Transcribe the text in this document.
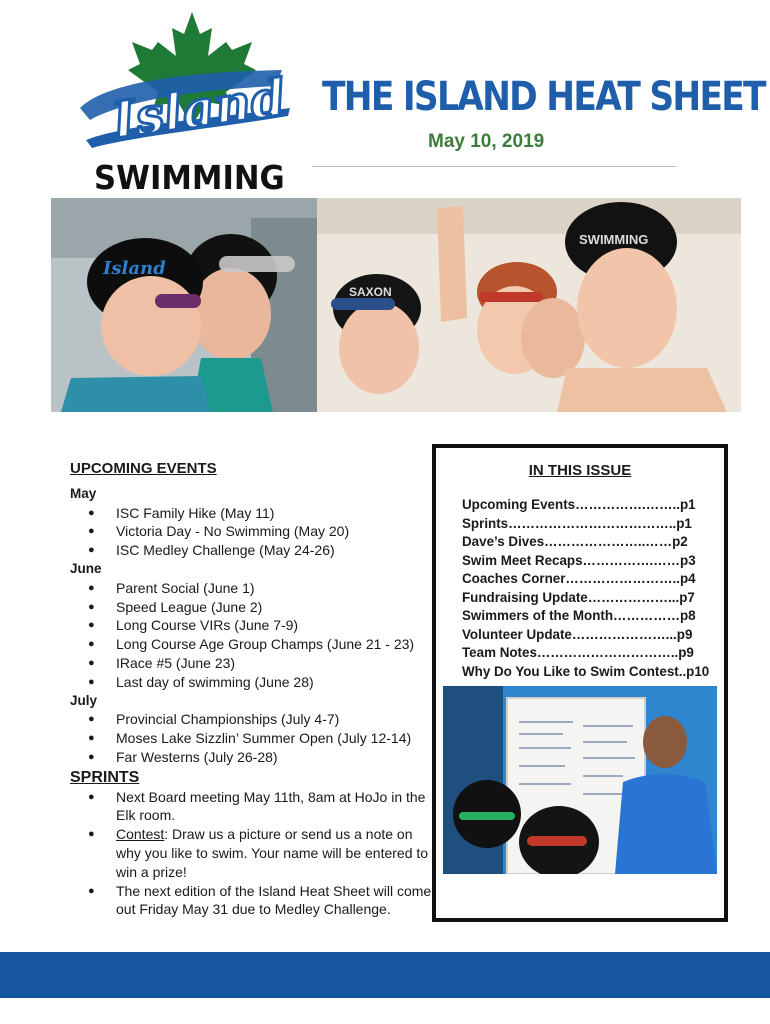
Island
SWIMMING
THE ISLAND HEAT SHEET
May 10, 2019
Island
SAXON
SWIMMING
UPCOMING EVENTS
May
● ISC Family Hike (May 11)
● Victoria Day - No Swimming (May 20)
● ISC Medley Challenge (May 24-26)
June
● Parent Social (June 1)
● Speed League (June 2)
● Long Course VIRs (June 7-9)
● Long Course Age Group Champs (June 21 - 23)
● IRace #5 (June 23)
● Last day of swimming (June 28)
July
● Provincial Championships (July 4-7)
● Moses Lake Sizzlin’ Summer Open (July 12-14)
● Far Westerns (July 26-28)
SPRINTS
● Next Board meeting May 11th, 8am at HoJo in the Elk room.
● Contest: Draw us a picture or send us a note on why you like to swim. Your name will be entered to win a prize!
● The next edition of the Island Heat Sheet will come out Friday May 31 due to Medley Challenge.
IN THIS ISSUE
Upcoming Events…………….……..p1
Sprints………………………………..p1
Dave’s Dives…………………..……p2
Swim Meet Recaps…………….……p3
Coaches Corner……………………..p4
Fundraising Update………………...p7
Swimmers of the Month……………p8
Volunteer Update…………………...p9
Team Notes…………………………..p9
Why Do You Like to Swim Contest..p10
